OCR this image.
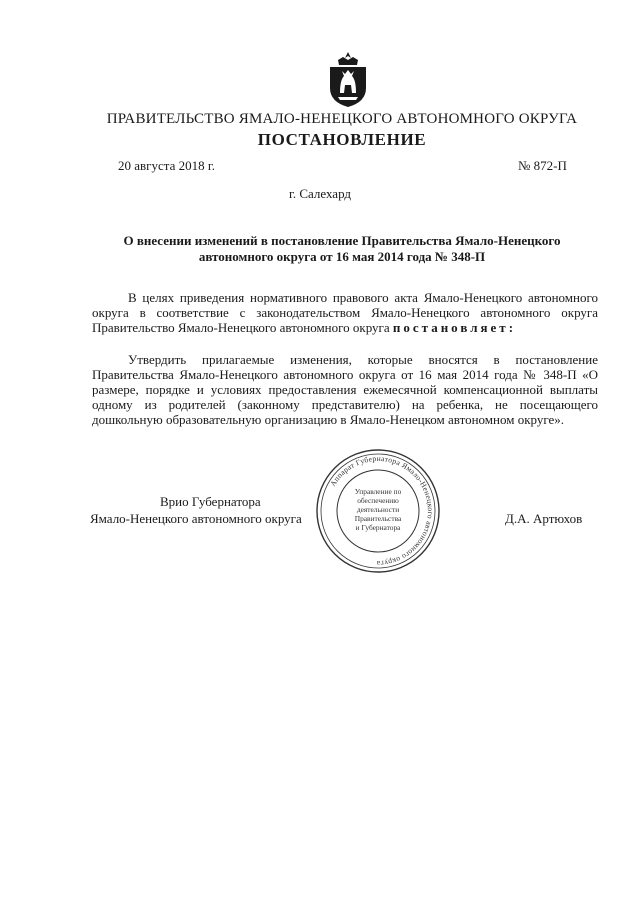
ПРАВИТЕЛЬСТВО ЯМАЛО-НЕНЕЦКОГО АВТОНОМНОГО ОКРУГА
ПОСТАНОВЛЕНИЕ
20 августа 2018 г.	№ 872-П
г. Салехард
О внесении изменений в постановление Правительства Ямало-Ненецкого автономного округа от 16 мая 2014 года № 348-П

В целях приведения нормативного правового акта Ямало-Ненецкого автономного округа в соответствие с законодательством Ямало-Ненецкого автономного округа Правительство Ямало-Ненецкого автономного округа постановляет:

Утвердить прилагаемые изменения, которые вносятся в постановление Правительства Ямало-Ненецкого автономного округа от 16 мая 2014 года № 348-П «О размере, порядке и условиях предоставления ежемесячной компенсационной выплаты одному из родителей (законному представителю) на ребенка, не посещающего дошкольную образовательную организацию в Ямало-Ненецком автономном округе».

Врио Губернатора
Ямало-Ненецкого автономного округа	Д.А. Артюхов
Аппарат Губернатора Ямало-Ненецкого автономного округа
Управление по
обеспечению
деятельности
Правительства
и Губернатора
